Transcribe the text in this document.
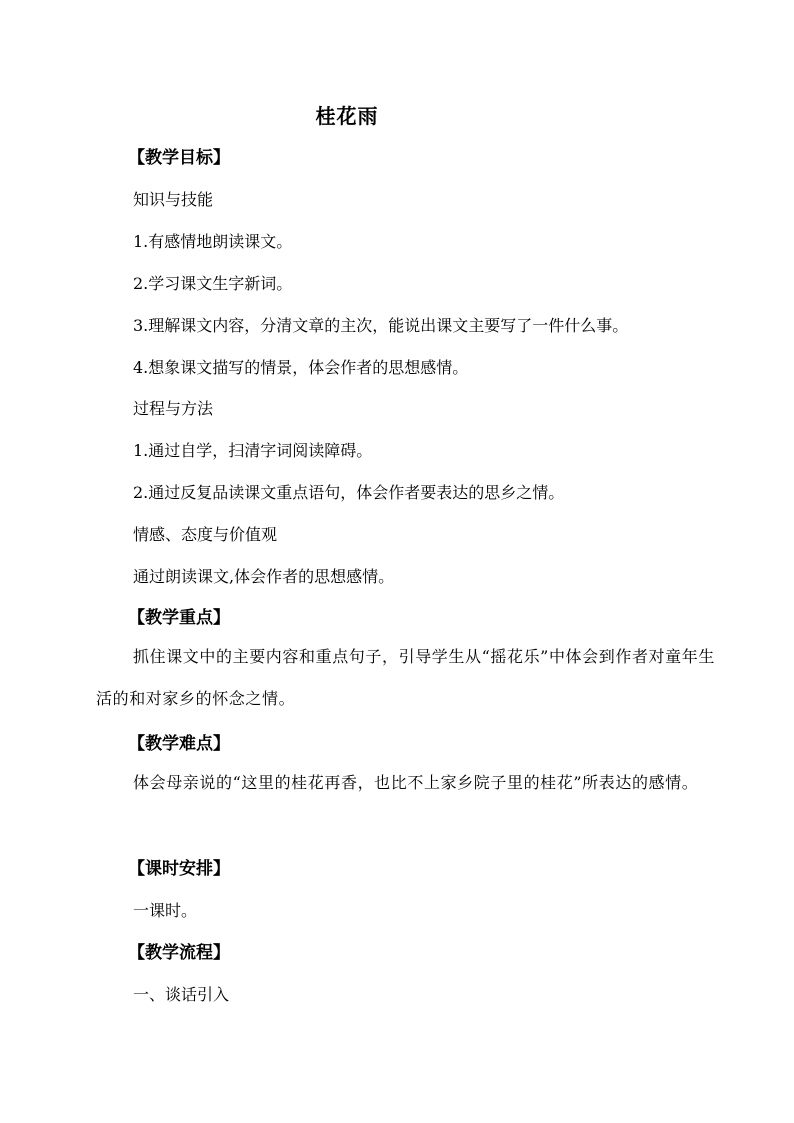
桂花雨
【教学目标】
知识与技能
1.有感情地朗读课文。
2.学习课文生字新词。
3.理解课文内容，分清文章的主次，能说出课文主要写了一件什么事。
4.想象课文描写的情景，体会作者的思想感情。
过程与方法
1.通过自学，扫清字词阅读障碍。
2.通过反复品读课文重点语句，体会作者要表达的思乡之情。
情感、态度与价值观
通过朗读课文,体会作者的思想感情。
【教学重点】
抓住课文中的主要内容和重点句子，引导学生从“摇花乐”中体会到作者对童年生活的和对家乡的怀念之情。
【教学难点】
体会母亲说的“这里的桂花再香，也比不上家乡院子里的桂花”所表达的感情。
【课时安排】
一课时。
【教学流程】
一、谈话引入
